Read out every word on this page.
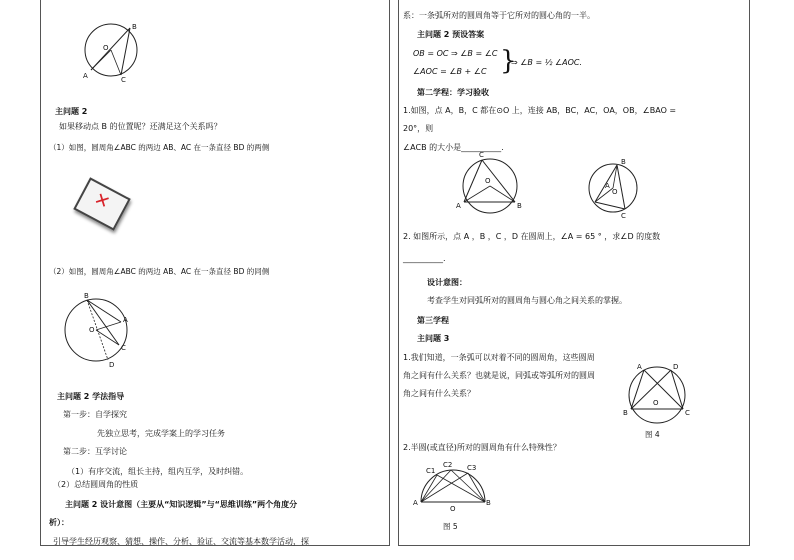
B
O
A	C
主问题 2
如果移动点 B 的位置呢？还满足这个关系吗？
（1）如图，圆周角∠ABC 的两边 AB、AC 在一条直径 BD 的两侧
✕
（2）如图，圆周角∠ABC 的两边 AB、AC 在一条直径 BD 的同侧
B
O
A
D
C
主问题 2 学法指导
第一步：自学探究
先独立思考，完成学案上的学习任务
第二步：互学讨论
（1）有序交流，组长主持，组内互学，及时纠错。
（2）总结圆周角的性质
主问题 2 设计意图（主要从“知识逻辑”与“思维训练”两个角度分
析）：
引导学生经历观察、猜想、操作、分析、验证、交流等基本数学活动，探
系：一条弧所对的圆周角等于它所对的圆心角的一半。
主问题 2 预设答案
OB = OC ⇒ ∠B = ∠C
∠AOC = ∠B + ∠C }
⇒ ∠B = ½ ∠AOC.
第二学程：学习验收
1.如图，点 A，B，C 都在⊙O 上，连接 AB，BC，AC，OA，OB，∠BAO =
20°，则
∠ACB 的大小是__________.
C
O
A	B
B
A
O
C
2. 如图所示，点 A ，B ，C ，D 在圆周上，∠A = 65 ° ，求∠D 的度数
__________.
设计意图：
考查学生对同弧所对的圆周角与圆心角之间关系的掌握。
第三学程
主问题 3
1.我们知道，一条弧可以对着不同的圆周角，这些圆周
角之间有什么关系？也就是说，同弧或等弧所对的圆周
角之间有什么关系？
A	D
O
B	C
图 4
2.半圆(或直径)所对的圆周角有什么特殊性？
C1
C2 C3
A
O
B
图 5
